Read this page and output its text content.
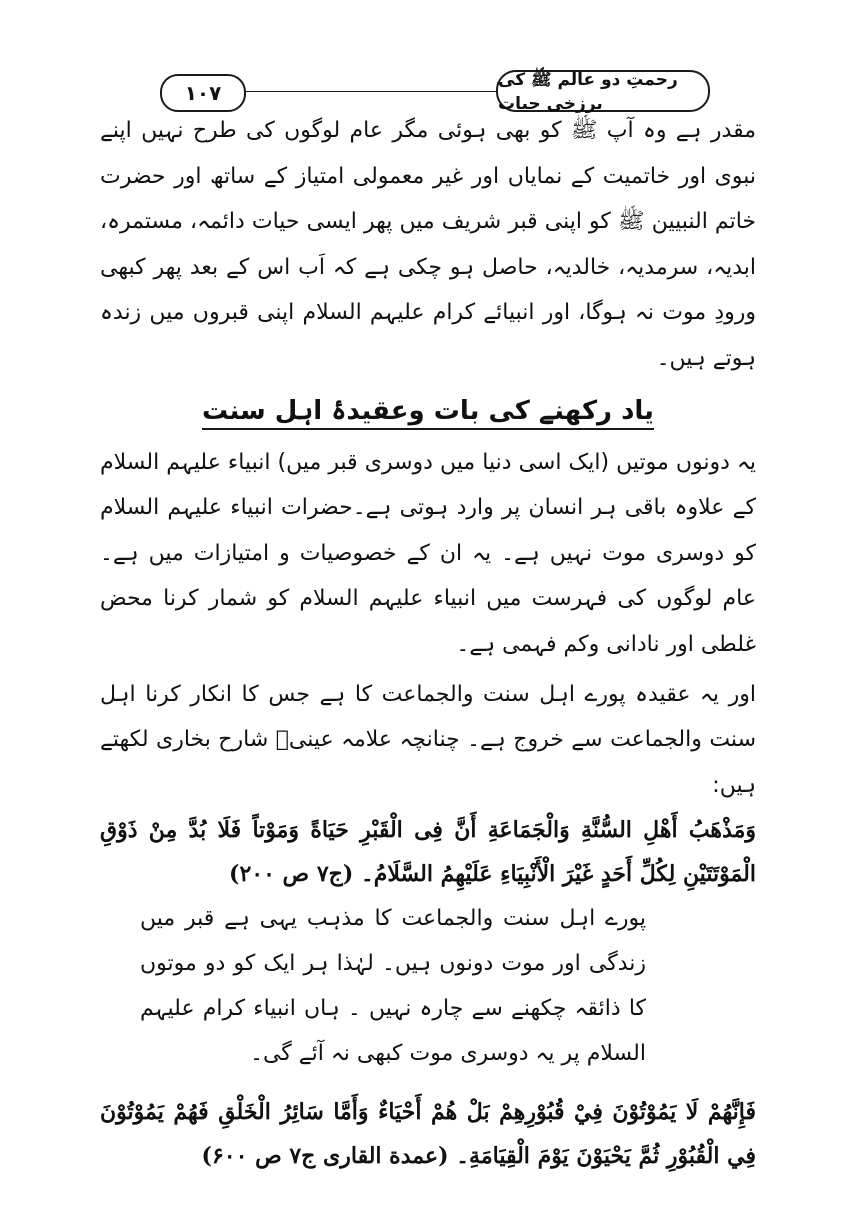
۱۰۷
رحمتِ دو عالم ﷺ کی برزخی حیات

مقدر ہے وہ آپ ﷺ کو بھی ہوئی مگر عام لوگوں کی طرح نہیں اپنے نبوی اور خاتمیت کے نمایاں اور غیر معمولی امتیاز کے ساتھ اور حضرت خاتم النبیین ﷺ کو اپنی قبر شریف میں پھر ایسی حیات دائمہ، مستمرہ، ابدیہ، سرمدیہ، خالدیہ، حاصل ہو چکی ہے کہ اَب اس کے بعد پھر کبھی ورودِ موت نہ ہوگا، اور انبیائے کرام علیہم السلام اپنی قبروں میں زندہ ہوتے ہیں۔

یاد رکھنے کی بات وعقیدۂ اہل سنت

یہ دونوں موتیں (ایک اسی دنیا میں دوسری قبر میں) انبیاء علیہم السلام کے علاوہ باقی ہر انسان پر وارد ہوتی ہے۔حضرات انبیاء علیہم السلام کو دوسری موت نہیں ہے۔ یہ ان کے خصوصیات و امتیازات میں ہے۔ عام لوگوں کی فہرست میں انبیاء علیہم السلام کو شمار کرنا محض غلطی اور نادانی وکم فہمی ہے۔

اور یہ عقیدہ پورے اہل سنت والجماعت کا ہے جس کا انکار کرنا اہل سنت والجماعت سے خروج ہے۔ چنانچہ علامہ عینیؒ شارح بخاری لکھتے ہیں:

وَمَذْهَبُ أَهْلِ السُّنَّةِ وَالْجَمَاعَةِ أَنَّ فِى الْقَبْرِ حَيَاةً وَمَوْتاً فَلَا بُدَّ مِنْ ذَوْقِ الْمَوْتَتَيْنِ لِكُلِّ أَحَدٍ غَيْرَ الْأَنْبِيَاءِ عَلَيْهِمُ السَّلَامُ۔ (ج۷ ص ۲۰۰)

پورے اہل سنت والجماعت کا مذہب یہی ہے قبر میں زندگی اور موت دونوں ہیں۔ لہٰذا ہر ایک کو دو موتوں کا ذائقہ چکھنے سے چارہ نہیں ۔ ہاں انبیاء کرام علیہم السلام پر یہ دوسری موت کبھی نہ آئے گی۔

فَإِنَّهُمْ لَا يَمُوْتُوْنَ فِيْ قُبُوْرِهِمْ بَلْ هُمْ أَحْيَاءٌ وَأَمَّا سَائِرُ الْخَلْقِ فَهُمْ يَمُوْتُوْنَ فِي الْقُبُوْرِ ثُمَّ يَحْيَوْنَ يَوْمَ الْقِيَامَةِ۔ (عمدة القارى ج۷ ص ۶۰۰)
